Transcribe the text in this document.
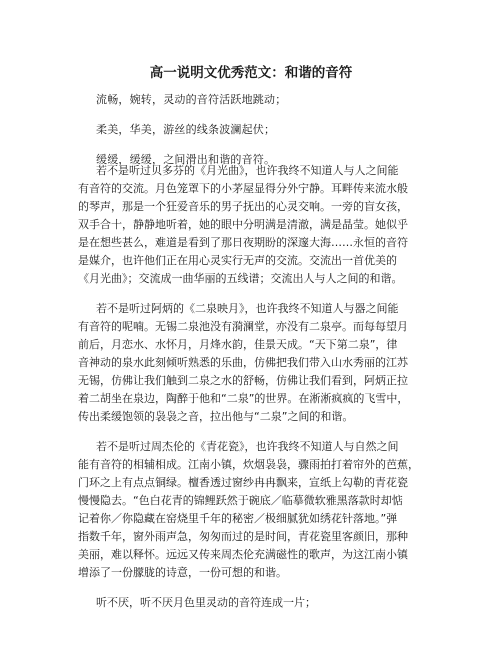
高一说明文优秀范文：和谐的音符
流畅，婉转，灵动的音符活跃地跳动；
柔美，华美，游丝的线条波澜起伏；
缓缓，缓缓，之间滑出和谐的音符。
若不是听过贝多芬的《月光曲》，也许我终不知道人与人之间能
有音符的交流。月色笼罩下的小茅屋显得分外宁静。耳畔传来流水般
的琴声，那是一个狂爱音乐的男子抚出的心灵交响。一旁的盲女孩，
双手合十，静静地听着，她的眼中分明满是清澈，满是晶莹。她似乎
是在想些甚么，难道是看到了那日夜期盼的深邃大海……永恒的音符
是媒介，也许他们正在用心灵实行无声的交流。交流出一首优美的
《月光曲》；交流成一曲华丽的五线谱；交流出人与人之间的和谐。
若不是听过阿炳的《二泉映月》，也许我终不知道人与器之间能
有音符的呢喃。无锡二泉池没有漪澜堂，亦没有二泉亭。而每每望月
前后，月恋水、水怀月，月烽水韵，佳景天成。“天下第二泉”，律
音神动的泉水此刻倾听熟悉的乐曲，仿佛把我们带入山水秀丽的江苏
无锡，仿佛让我们触到二泉之水的舒畅，仿佛让我们看到，阿炳正拉
着二胡坐在泉边，陶醉于他和“二泉”的世界。在淅淅疯疯的飞雪中，
传出柔缓饱领的袅袅之音，拉出他与“二泉”之间的和谐。
若不是听过周杰伦的《青花瓷》，也许我终不知道人与自然之间
能有音符的相辅相成。江南小镇，炊烟袅袅，骤雨拍打着帘外的芭蕉，
门环之上有点点铜绿。檀香透过窗纱冉冉飘来，宣纸上勾勒的青花瓷
慢慢隐去。“色白花青的锦鲤跃然于碗底／临摹微软雅黑落款时却惦
记着你／你隐藏在窑烧里千年的秘密／极细腻犹如绣花针落地。”弹
指数千年，窗外雨声急，匆匆而过的是时间，青花瓷里客颜旧，那种
美丽，难以释怀。远远又传来周杰伦充满磁性的歌声，为这江南小镇
增添了一份朦胧的诗意，一份可想的和谐。
听不厌，听不厌月色里灵动的音符连成一片；
